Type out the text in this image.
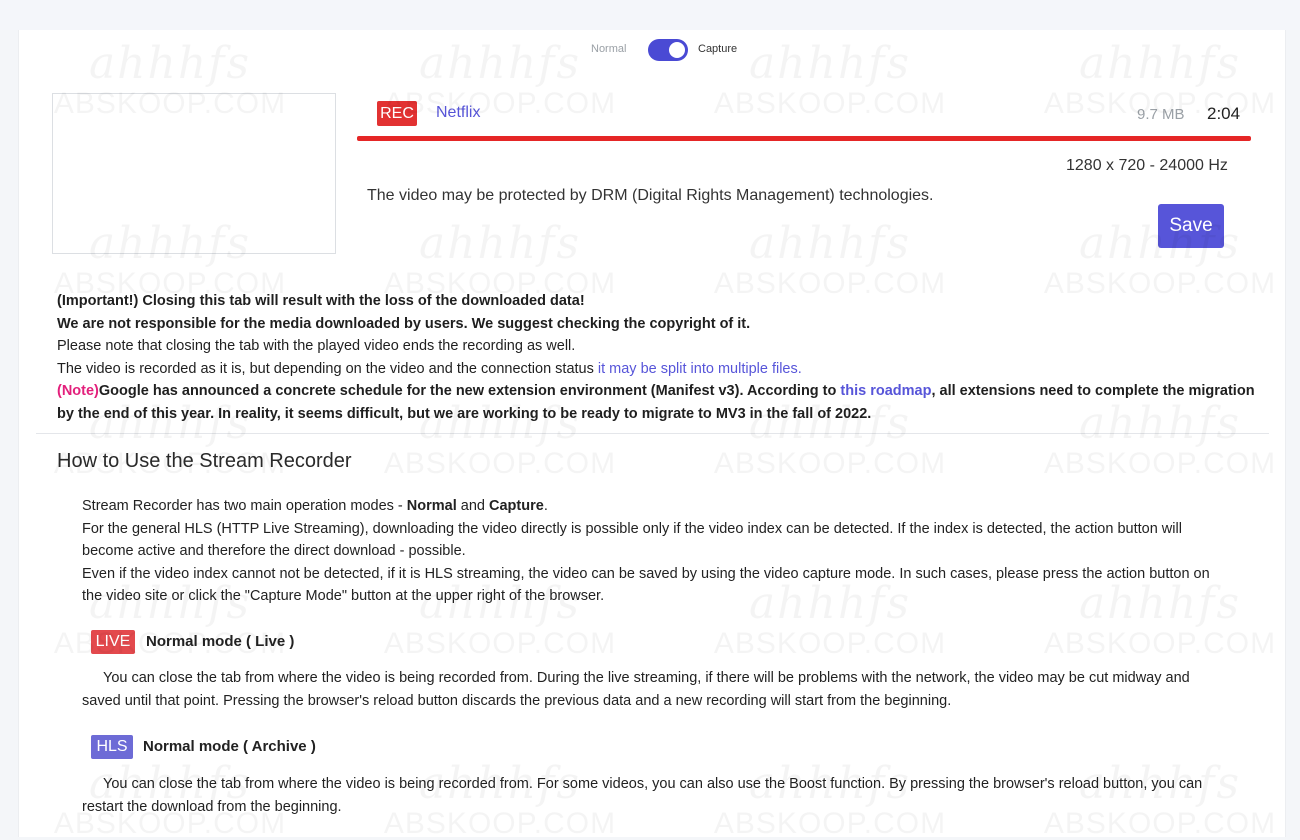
Normal	Capture
REC Netflix	9.7 MB 2:04
1280 x 720 - 24000 Hz
The video may be protected by DRM (Digital Rights Management) technologies.
Save

(Important!) Closing this tab will result with the loss of the downloaded data!

We are not responsible for the media downloaded by users. We suggest checking the copyright of it.

Please note that closing the tab with the played video ends the recording as well.

The video is recorded as it is, but depending on the video and the connection status it may be split into multiple files.

(Note)Google has announced a concrete schedule for the new extension environment (Manifest v3). According to this roadmap, all extensions need to complete the migration by the end of this year. In reality, it seems difficult, but we are working to be ready to migrate to MV3 in the fall of 2022.

How to Use the Stream Recorder

Stream Recorder has two main operation modes - Normal and Capture.

For the general HLS (HTTP Live Streaming), downloading the video directly is possible only if the video index can be detected. If the index is detected, the action button will become active and therefore the direct download - possible.

Even if the video index cannot not be detected, if it is HLS streaming, the video can be saved by using the video capture mode. In such cases, please press the action button on the video site or click the "Capture Mode" button at the upper right of the browser.

LIVE	Normal mode ( Live )

You can close the tab from where the video is being recorded from. During the live streaming, if there will be problems with the network, the video may be cut midway and saved until that point. Pressing the browser's reload button discards the previous data and a new recording will start from the beginning.

HLS	Normal mode ( Archive )

You can close the tab from where the video is being recorded from. For some videos, you can also use the Boost function. By pressing the browser's reload button, you can restart the download from the beginning.
